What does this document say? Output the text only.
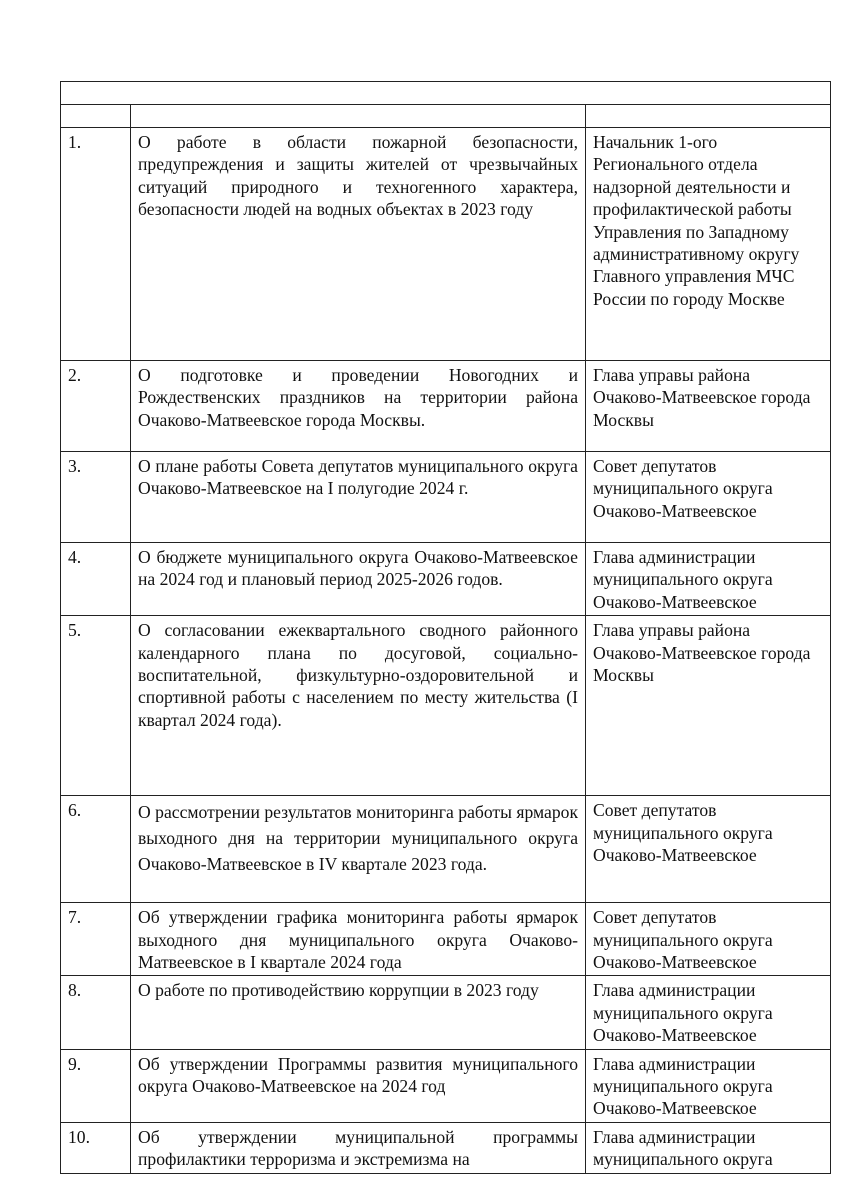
1.	О работе в области пожарной безопасности, предупреждения и защиты жителей от чрезвычайных ситуаций природного и техногенного характера, безопасности людей на водных объектах в 2023 году	Начальник 1-ого Регионального отдела надзорной деятельности и профилактической работы Управления по Западному административному округу Главного управления МЧС России по городу Москве
2.	О подготовке и проведении Новогодних и Рождественских праздников на территории района Очаково-Матвеевское города Москвы.	Глава управы района Очаково-Матвеевское города Москвы
3.	О плане работы Совета депутатов муниципального округа Очаково-Матвеевское на I полугодие 2024 г.	Совет депутатов муниципального округа Очаково-Матвеевское
4.	О бюджете муниципального округа Очаково-Матвеевское на 2024 год и плановый период 2025-2026 годов.	Глава администрации муниципального округа Очаково-Матвеевское
5.	О согласовании ежеквартального сводного районного календарного плана по досуговой, социально-воспитательной, физкультурно-оздоровительной и спортивной работы с населением по месту жительства (I квартал 2024 года).	Глава управы района Очаково-Матвеевское города Москвы
6.	О рассмотрении результатов мониторинга работы ярмарок выходного дня на территории муниципального округа Очаково-Матвеевское в IV квартале 2023 года.	Совет депутатов муниципального округа Очаково-Матвеевское
7.	Об утверждении графика мониторинга работы ярмарок выходного дня муниципального округа Очаково-Матвеевское в I квартале 2024 года	Совет депутатов муниципального округа Очаково-Матвеевское
8.	О работе по противодействию коррупции в 2023 году	Глава администрации муниципального округа Очаково-Матвеевское
9.	Об утверждении Программы развития муниципального округа Очаково-Матвеевское на 2024 год	Глава администрации муниципального округа Очаково-Матвеевское
10.	Об утверждении муниципальной программы профилактики терроризма и экстремизма на	Глава администрации муниципального округа
